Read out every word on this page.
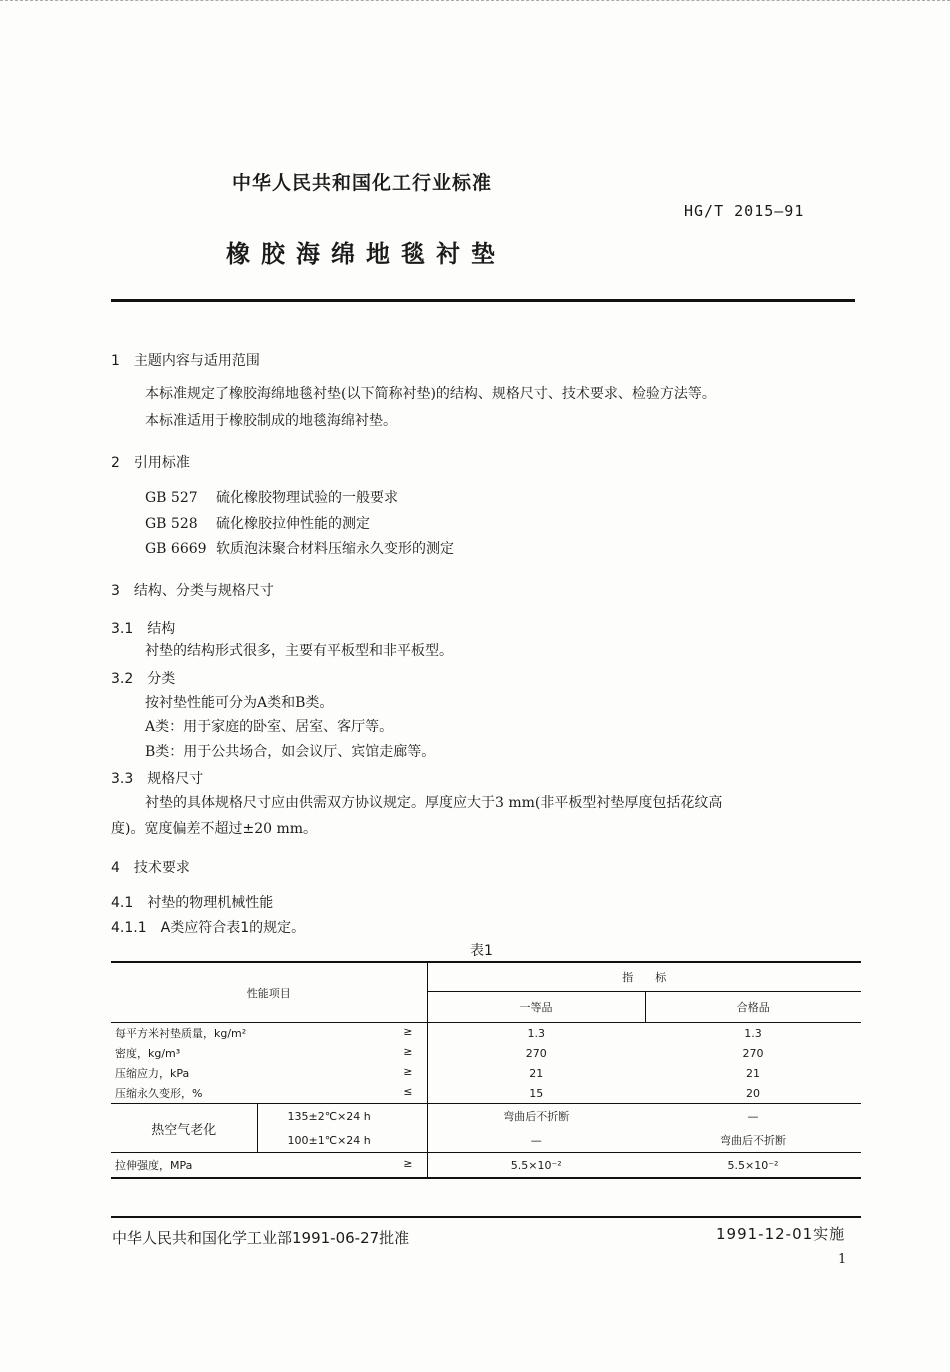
中华人民共和国化工行业标准
HG/T 2015—91
橡胶海绵地毯衬垫
1　主题内容与适用范围
本标准规定了橡胶海绵地毯衬垫(以下简称衬垫)的结构、规格尺寸、技术要求、检验方法等。
本标准适用于橡胶制成的地毯海绵衬垫。
2　引用标准
GB 527 硫化橡胶物理试验的一般要求
GB 528 硫化橡胶拉伸性能的测定
GB 6669 软质泡沫聚合材料压缩永久变形的测定
3　结构、分类与规格尺寸
3.1　结构
衬垫的结构形式很多，主要有平板型和非平板型。
3.2　分类
按衬垫性能可分为A类和B类。
A类：用于家庭的卧室、居室、客厅等。
B类：用于公共场合，如会议厅、宾馆走廊等。
3.3　规格尺寸
衬垫的具体规格尺寸应由供需双方协议规定。厚度应大于3 mm(非平板型衬垫厚度包括花纹高
度)。宽度偏差不超过±20 mm。
4　技术要求
4.1　衬垫的物理机械性能
4.1.1　A类应符合表1的规定。
表1
性能项目		指　　标	
		一等品	合格品
每平方米衬垫质量，kg/m² ≥		1.3	1.3
密度，kg/m³ ≥		270	270
压缩应力，kPa ≥		21	21
压缩永久变形，% ≤		15	20
热空气老化	135±2℃×24 h	弯曲后不折断	—
	100±1℃×24 h	—	弯曲后不折断
拉伸强度，MPa ≥		5.5×10⁻²	5.5×10⁻²
中华人民共和国化学工业部1991-06-27批准	1991-12-01实施
1
